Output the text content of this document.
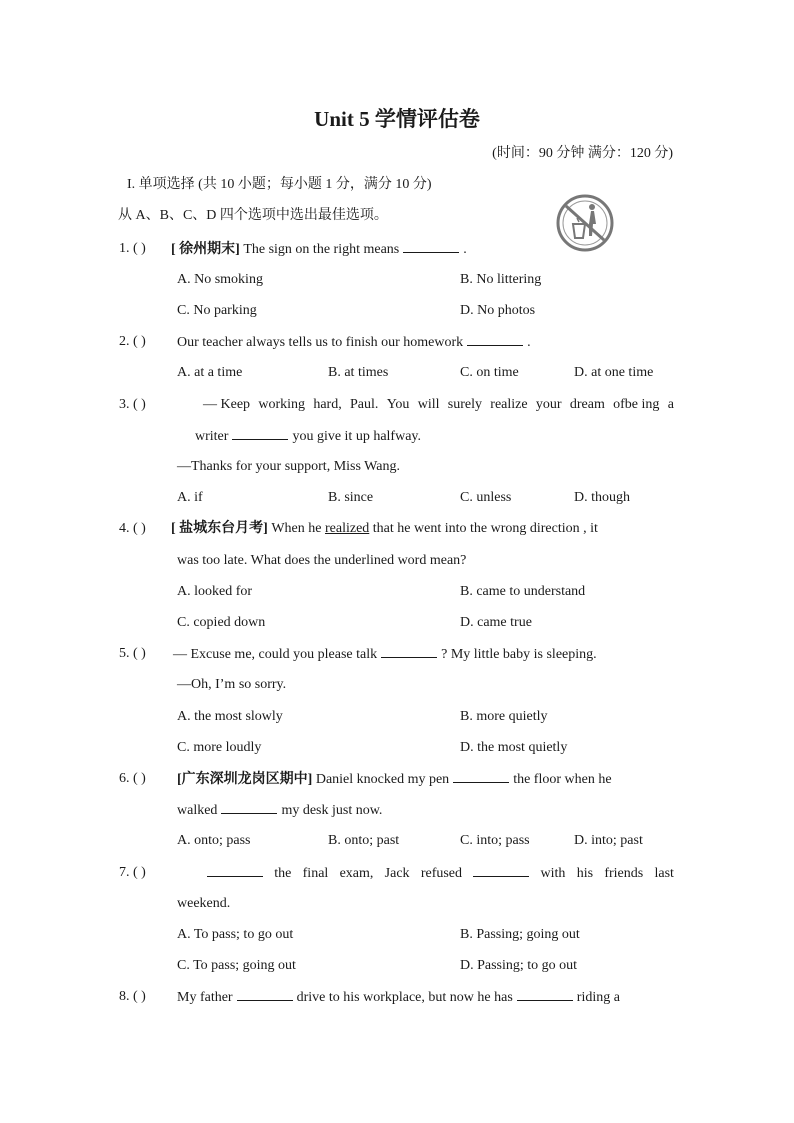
Unit 5 学情评估卷
(时间：90 分钟 满分：120 分)
I. 单项选择 (共 10 小题；每小题 1 分，满分 10 分)
从 A、B、C、D 四个选项中选出最佳选项。
1. ( ) [ 徐州期末] The sign on the right means	.
A. No smoking	B. No littering
C. No parking	D. No photos
2. ( ) Our teacher always tells us to finish our homework	.
A. at a time	B. at times	C. on time	D. at one time
3. ( )	— Keep working hard, Paul. You will surely realize your dream ofbe ing a
writer	you give it up halfway.
—Thanks for your support, Miss Wang.
A. if	B. since	C. unless	D. though
4. ( ) [ 盐城东台月考] When he realized that he went into the wrong direction , it
was too late. What does the underlined word mean?
A. looked for	B. came to understand
C. copied down	D. came true
5. ( ) — Excuse me, could you please talk	? My little baby is sleeping.
—Oh, I’m so sorry.
A. the most slowly	B. more quietly
C. more loudly	D. the most quietly
6. ( ) [广东深圳龙岗区期中] Daniel knocked my pen	the floor when he
walked	my desk just now.
A. onto; pass	B. onto; past	C. into; pass	D. into; past
7. ( )	the final exam, Jack refused	with his friends last
weekend.
A. To pass; to go out	B. Passing; going out
C. To pass; going out	D. Passing; to go out
8. ( ) My father	drive to his workplace, but now he has	riding a
